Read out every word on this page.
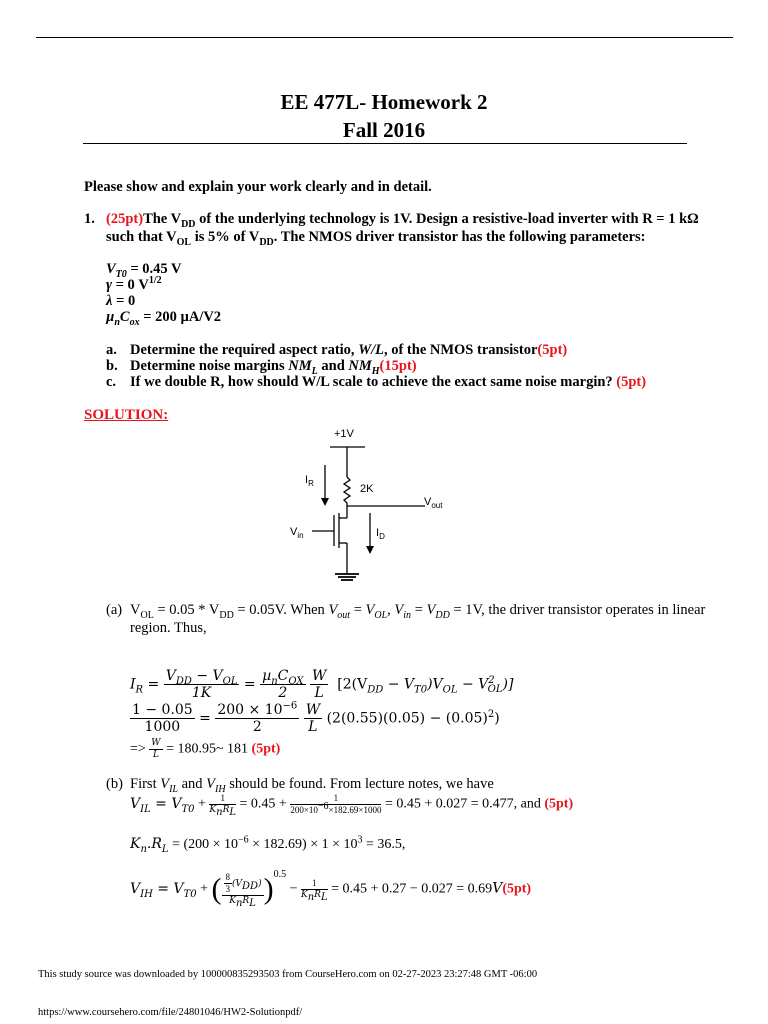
EE 477L- Homework 2
Fall 2016
Please show and explain your work clearly and in detail.
1. (25pt)The $V_{DD}$ of the underlying technology is 1V. Design a resistive-load inverter with R = 1 kΩ
such that $V_{OL}$ is 5% of $V_{DD}$. The NMOS driver transistor has the following parameters:
$V_{T0} = 0.45$ V
γ = 0 $V^{1/2}$
λ = 0
$\mu_nC_{ox} = 200$ µA/V2
a. Determine the required aspect ratio, W/L, of the NMOS transistor(5pt)
b. Determine noise margins $NM_L$ and $NM_H(15pt)$
c. If we double R, how should W/L scale to achieve the exact same noise margin? (5pt)
SOLUTION:
+1V
$I_R$	2K
$V_{out}$
$V_{in}$	$I_D$
(a) $V_{OL} = 0.05 * V_{DD} = 0.05V$. When $V_{out} = V_{OL}$, $V_{in} = V_{DD} = 1V$, the driver transistor operates in linear
region. Thus,
$I_R = \frac{V_{DD} - V_{OL}}{1K} = \frac{\mu_nC_{OX}}{2}$
$\frac{W}{L} [2(V_{DD} - V_{T0})V_{OL} - V^2_{OL})$]
$\frac{1 - 0.05}{1000} = \frac{200 \times 10^{-6}}{2}$
$\frac{W}{L} (2(0.55)(0.05) - (0.05)^2)$
=> $\frac{W}{L}$ = 180.95~ 181 (5pt)
(b) First $V_{IL}$ and $V_{IH}$ should be found. From lecture notes, we have
$V_{IL} = V_{T0} + \frac{1}{K_nR_L} = 0.45 + \frac{1}{200\times 10^{-6}\times 182.69\times 1000} = 0.45 + 0.027 = 0.477$, and (5pt)
$K_n.R_L = (200 \times 10^{-6} \times 182.69) \times 1 \times 10^3 = 36.5$,
$V_{IH} = V_{T0}$ + ( $\frac{\frac{8}{3} (V_{DD})}{K_nR_L} )^{0.5} - \frac{1}{K_nR_L} = 0.45 + 0.27 - 0.027 = 0.69V(5pt)$
This study source was downloaded by 100000835293503 from CourseHero.com on 02-27-2023 23:27:48 GMT -06:00
https://www.coursehero.com/file/24801046/HW2-Solutionpdf/
